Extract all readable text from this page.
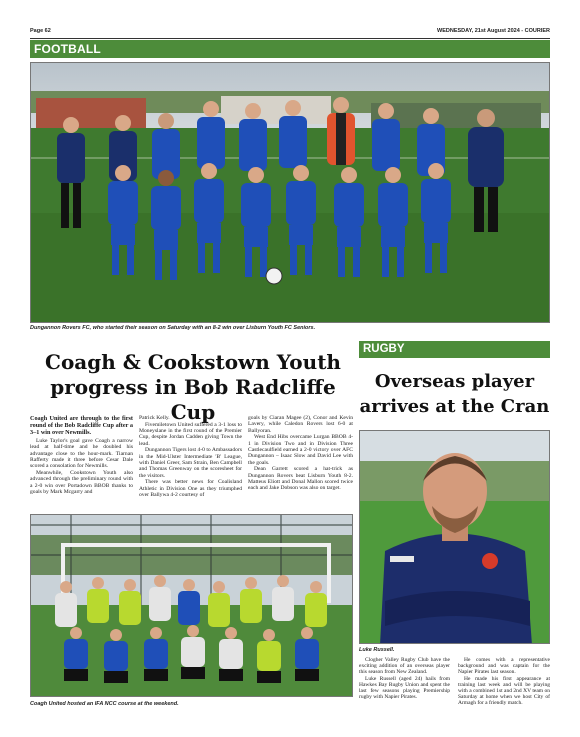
Page 62	WEDNESDAY, 21st August 2024 - COURIER
FOOTBALL
Dungannon Rovers FC, who started their season on Saturday with an 8-2 win over Lisburn Youth FC Seniors.
Coagh & Cookstown Youth progress in Bob Radcliffe Cup
RUGBY
Overseas player arrives at the Cran

Coagh United are through to the first round of the Bob Radcliffe Cup after a 3–1 win over Newmills.

Luke Taylor's goal gave Coagh a narrow lead at half-time and he doubled his advantage close to the hour-mark. Tiarnan Rafferty made it three before Cesar Dale scored a consolation for Newmills.

Meanwhile, Cookstown Youth also advanced through the preliminary round with a 2-0 win over Portadown BBOB thanks to goals by Mark Mcgarry and

Patrick Kelly.

Fivemiletown United suffered a 3-1 loss to Moneyslane in the first round of the Premier Cup, despite Jordan Cadden giving Town the lead.

Dungannon Tigers lost 4-0 to Ambassadors in the Mid-Ulster Intermediate 'B' League, with Daniel Greer, Sam Strain, Ben Campbell and Thomas Greenway on the scoresheet for the visitors.

There was better news for Coalisland Athletic in Division One as they triumphed over Ballywa 4-2 courtesy of

goals by Ciaran Magee (2), Conor and Kevin Lavery, while Caledon Rovers lost 6-0 at Ballyoran.

West End Hibs overcame Lurgan BBOB 4-1 in Division Two and in Division Three Castlecaulfield earned a 2-0 victory over AFC Dungannon – Isaac Slow and David Lee with the goals.

Dean Garrett scored a hat-trick as Dungannon Rovers beat Lisburn Youth 8-2. Matteus Eliott and Donal Mallon scored twice each and Jake Dobson was also on target.

Coagh United hosted an IFA NCC course at the weekend.
Luke Russell.

Clogher Valley Rugby Club have the exciting addition of an overseas player this season from New Zealand.

Luke Russell (aged 24) hails from Hawkes Bay Rugby Union and spent the last few seasons playing Premiership rugby with Napier Pirates.

He comes with a representative background and was captain for the Napier Pirates last season.

He made his first appearance at training last week and will be playing with a combined 1st and 2nd XV team on Saturday at home when we host City of Armagh for a friendly match.
